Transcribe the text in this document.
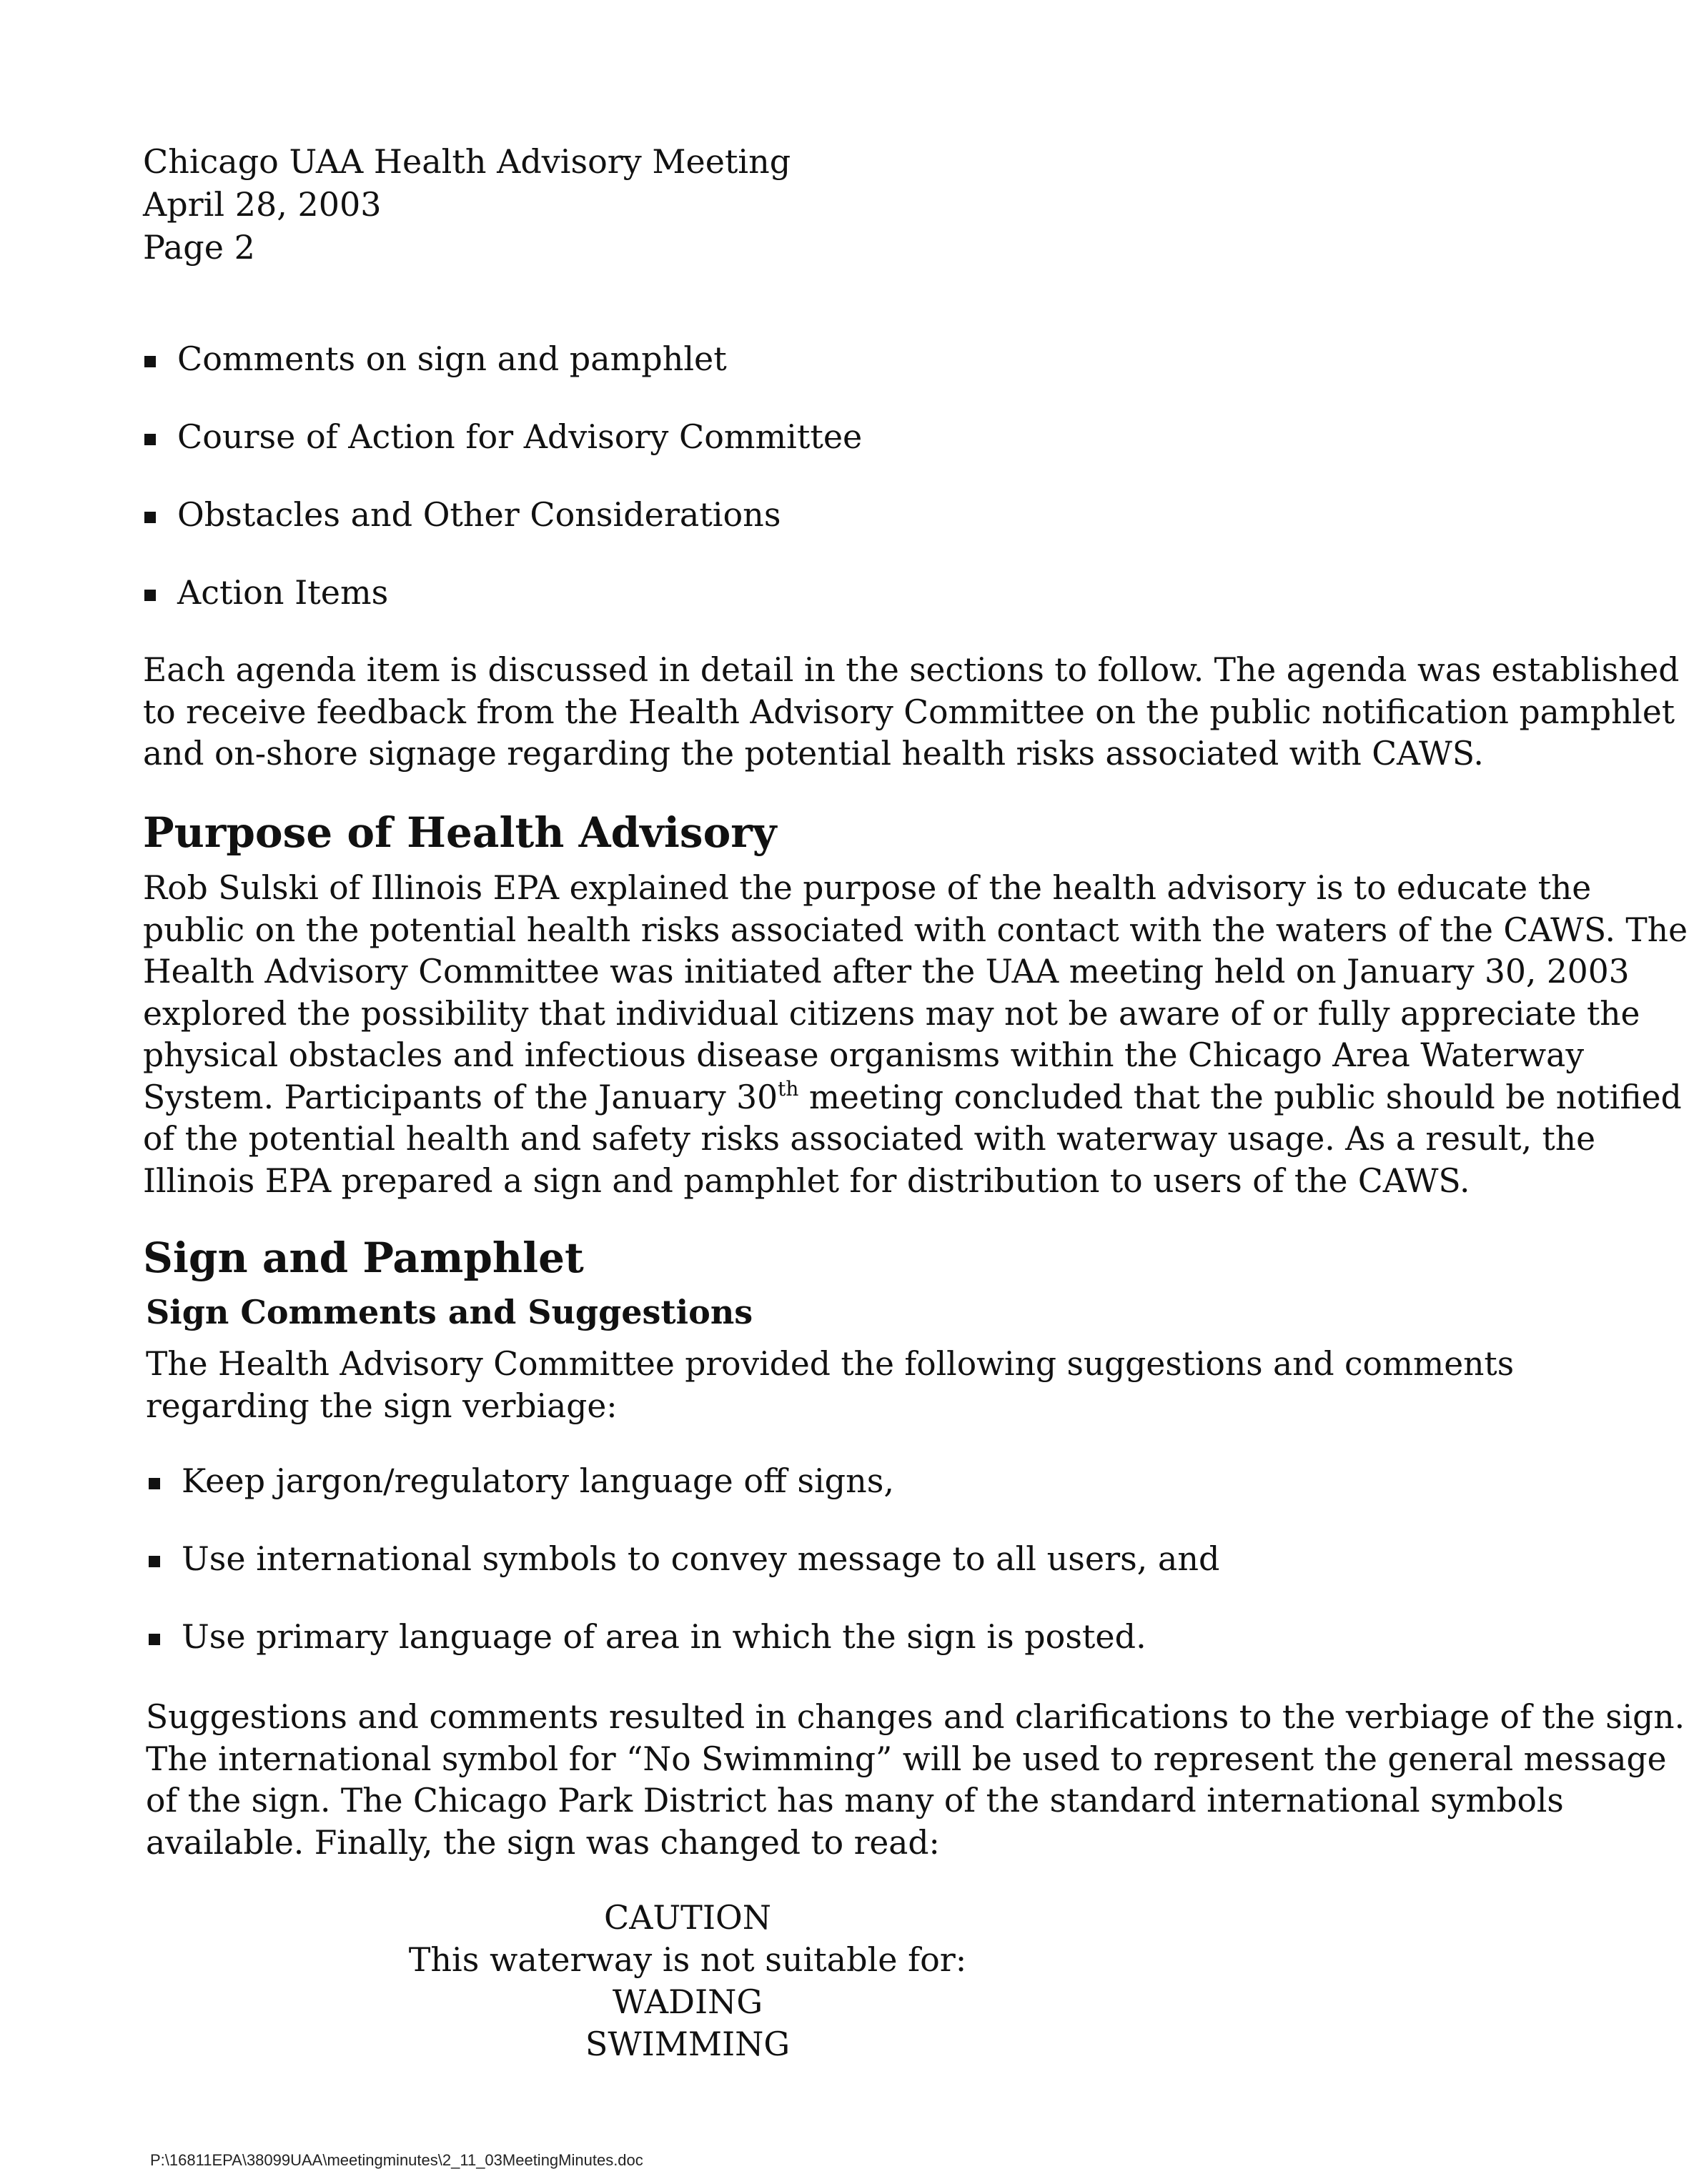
Chicago UAA Health Advisory Meeting
April 28, 2003
Page 2
Comments on sign and pamphlet
Course of Action for Advisory Committee
Obstacles and Other Considerations
Action Items

Each agenda item is discussed in detail in the sections to follow. The agenda was established
to receive feedback from the Health Advisory Committee on the public notification pamphlet
and on-shore signage regarding the potential health risks associated with CAWS.

Purpose of Health Advisory

Rob Sulski of Illinois EPA explained the purpose of the health advisory is to educate the
public on the potential health risks associated with contact with the waters of the CAWS. The
Health Advisory Committee was initiated after the UAA meeting held on January 30, 2003
explored the possibility that individual citizens may not be aware of or fully appreciate the
physical obstacles and infectious disease organisms within the Chicago Area Waterway
System. Participants of the January 30th meeting concluded that the public should be notified
of the potential health and safety risks associated with waterway usage. As a result, the
Illinois EPA prepared a sign and pamphlet for distribution to users of the CAWS.

Sign and Pamphlet
Sign Comments and Suggestions

The Health Advisory Committee provided the following suggestions and comments
regarding the sign verbiage:

Keep jargon/regulatory language off signs,
Use international symbols to convey message to all users, and
Use primary language of area in which the sign is posted.

Suggestions and comments resulted in changes and clarifications to the verbiage of the sign.
The international symbol for “No Swimming” will be used to represent the general message
of the sign. The Chicago Park District has many of the standard international symbols
available. Finally, the sign was changed to read:

CAUTION
This waterway is not suitable for:
WADING
SWIMMING
P:\16811EPA\38099UAA\meetingminutes\2_11_03MeetingMinutes.doc
